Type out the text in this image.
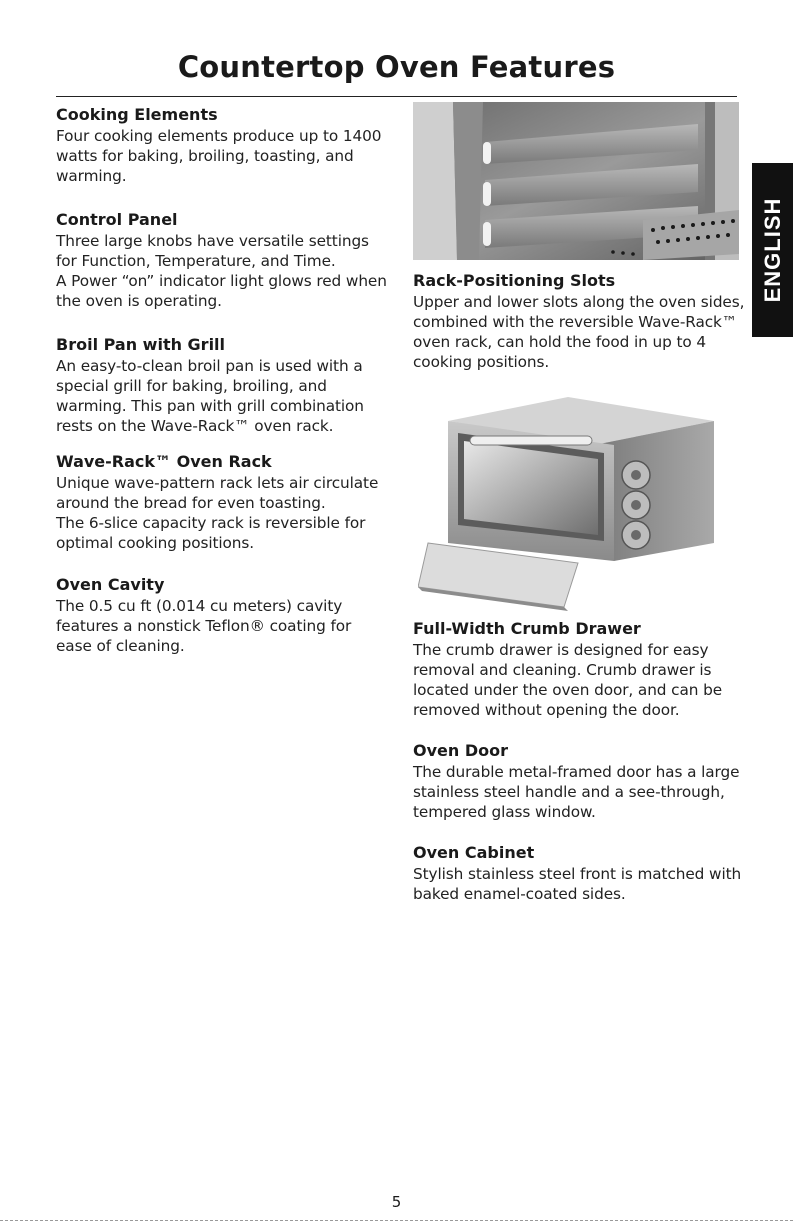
Countertop Oven Features
Cooking Elements

Four cooking elements produce up to 1400 watts for baking, broiling, toasting, and warming.

Control Panel

Three large knobs have versatile settings for Function, Temperature, and Time.

A Power “on” indicator light glows red when the oven is operating.

Broil Pan with Grill

An easy-to-clean broil pan is used with a special grill for baking, broiling, and warming. This pan with grill combination rests on the Wave-Rack™ oven rack.

Wave-Rack™ Oven Rack

Unique wave-pattern rack lets air circulate around the bread for even toasting.

The 6-slice capacity rack is reversible for optimal cooking positions.

Oven Cavity

The 0.5 cu ft (0.014 cu meters) cavity features a nonstick Teflon® coating for ease of cleaning.

Rack-Positioning Slots

Upper and lower slots along the oven sides, combined with the reversible Wave-Rack™ oven rack, can hold the food in up to 4 cooking positions.

Full-Width Crumb Drawer

The crumb drawer is designed for easy removal and cleaning. Crumb drawer is located under the oven door, and can be removed without opening the door.

Oven Door

The durable metal-framed door has a large stainless steel handle and a see-through, tempered glass window.

Oven Cabinet

Stylish stainless steel front is matched with baked enamel-coated sides.

ENGLISH
5
